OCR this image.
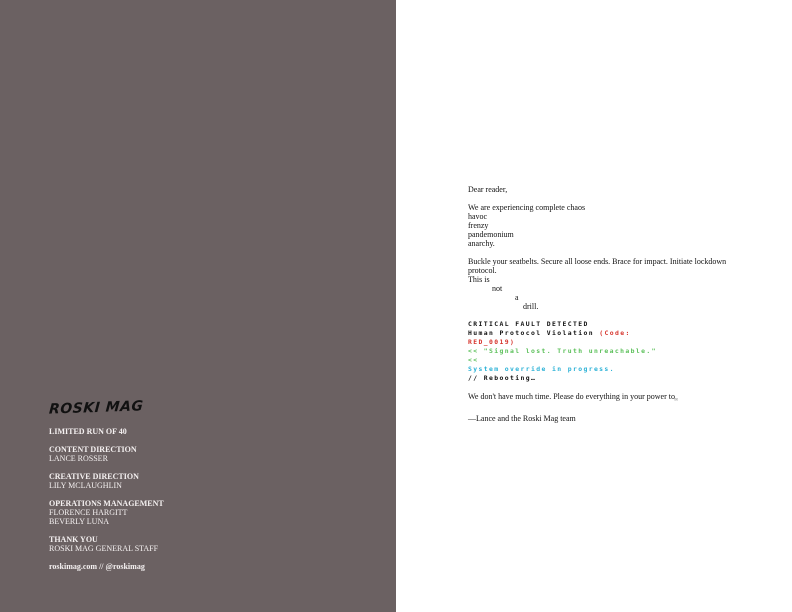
ROSKI MAG
LIMITED RUN OF 40
CONTENT DIRECTION
LANCE ROSSER
CREATIVE DIRECTION
LILY MCLAUGHLIN
OPERATIONS MANAGEMENT
FLORENCE HARGITT
BEVERLY LUNA
THANK YOU
ROSKI MAG GENERAL STAFF
roskimag.com // @roskimag
Dear reader,
We are experiencing complete chaos
havoc
frenzy
pandemonium
anarchy.
Buckle your seatbelts. Secure all loose ends. Brace for impact. Initiate lockdown protocol.
This is
not
a
drill.
CRITICAL FAULT DETECTED
Human Protocol Violation (Code:
RED_0019)
<< "Signal lost. Truth unreachable."
<<
System override in progress.
// Rebooting…
We don't have much time. Please do everything in your power $to_\infty$
—Lance and the Roski Mag team
